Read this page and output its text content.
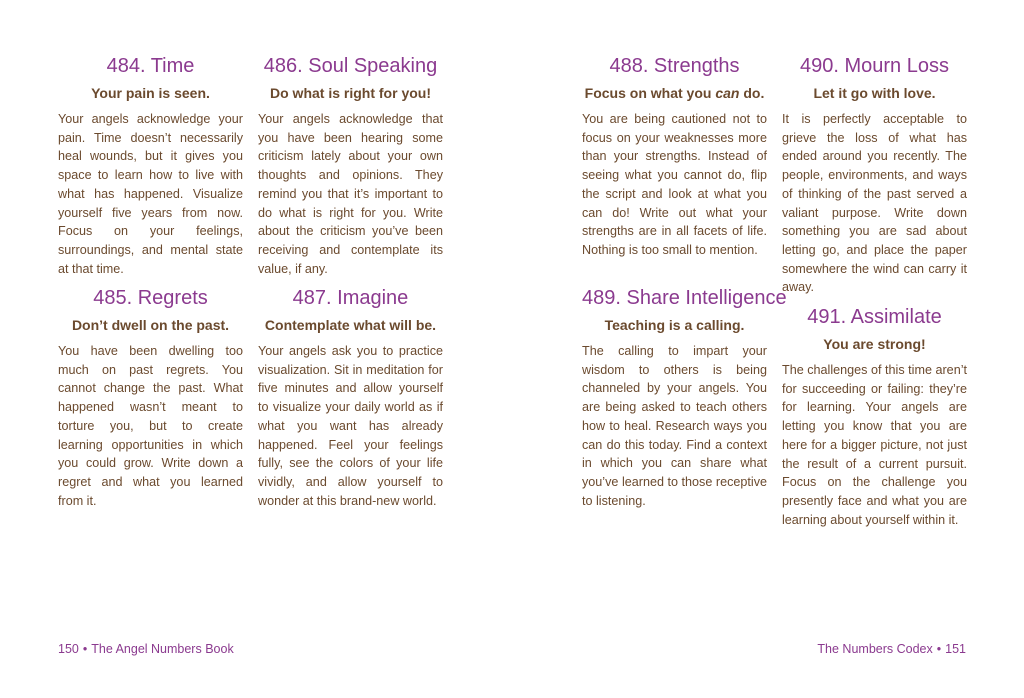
484. Time

Your pain is seen.

Your angels acknowledge your pain. Time doesn’t necessarily heal wounds, but it gives you space to learn how to live with what has happened. Visualize yourself five years from now. Focus on your feelings, surroundings, and mental state at that time.

485. Regrets

Don’t dwell on the past.

You have been dwelling too much on past regrets. You cannot change the past. What happened wasn’t meant to torture you, but to create learning opportunities in which you could grow. Write down a regret and what you learned from it.

486. Soul Speaking

Do what is right for you!

Your angels acknowledge that you have been hearing some criticism lately about your own thoughts and opinions. They remind you that it’s important to do what is right for you. Write about the criticism you’ve been receiving and contemplate its value, if any.

487. Imagine

Contemplate what will be.

Your angels ask you to practice visualization. Sit in meditation for five minutes and allow yourself to visualize your daily world as if what you want has already happened. Feel your feelings fully, see the colors of your life vividly, and allow yourself to wonder at this brand-new world.

150 • The Angel Numbers Book

488. Strengths

Focus on what you can do.

You are being cautioned not to focus on your weaknesses more than your strengths. Instead of seeing what you cannot do, flip the script and look at what you can do! Write out what your strengths are in all facets of life. Nothing is too small to mention.

489. Share Intelligence

Teaching is a calling.

The calling to impart your wisdom to others is being channeled by your angels. You are being asked to teach others how to heal. Research ways you can do this today. Find a context in which you can share what you’ve learned to those receptive to listening.

490. Mourn Loss

Let it go with love.

It is perfectly acceptable to grieve the loss of what has ended around you recently. The people, environments, and ways of thinking of the past served a valiant purpose. Write down something you are sad about letting go, and place the paper somewhere the wind can carry it away.

491. Assimilate

You are strong!

The challenges of this time aren’t for succeeding or failing: they’re for learning. Your angels are letting you know that you are here for a bigger picture, not just the result of a current pursuit. Focus on the challenge you presently face and what you are learning about yourself within it.

The Numbers Codex • 151
